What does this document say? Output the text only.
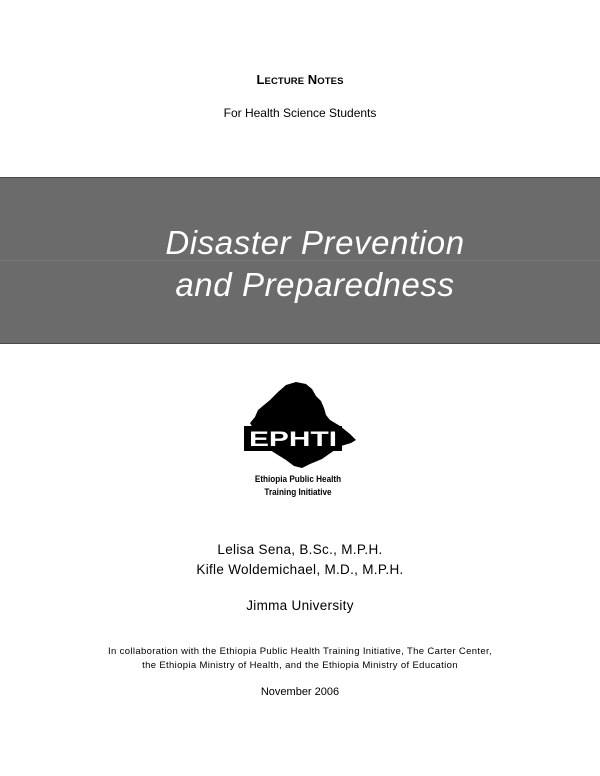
LECTURE NOTES
For Health Science Students
Disaster Prevention
and Preparedness
EPHTI
Ethiopia Public Health
Training Initiative
Lelisa Sena, B.Sc., M.P.H.
Kifle Woldemichael, M.D., M.P.H.
Jimma University
In collaboration with the Ethiopia Public Health Training Initiative, The Carter Center,
the Ethiopia Ministry of Health, and the Ethiopia Ministry of Education
November 2006
